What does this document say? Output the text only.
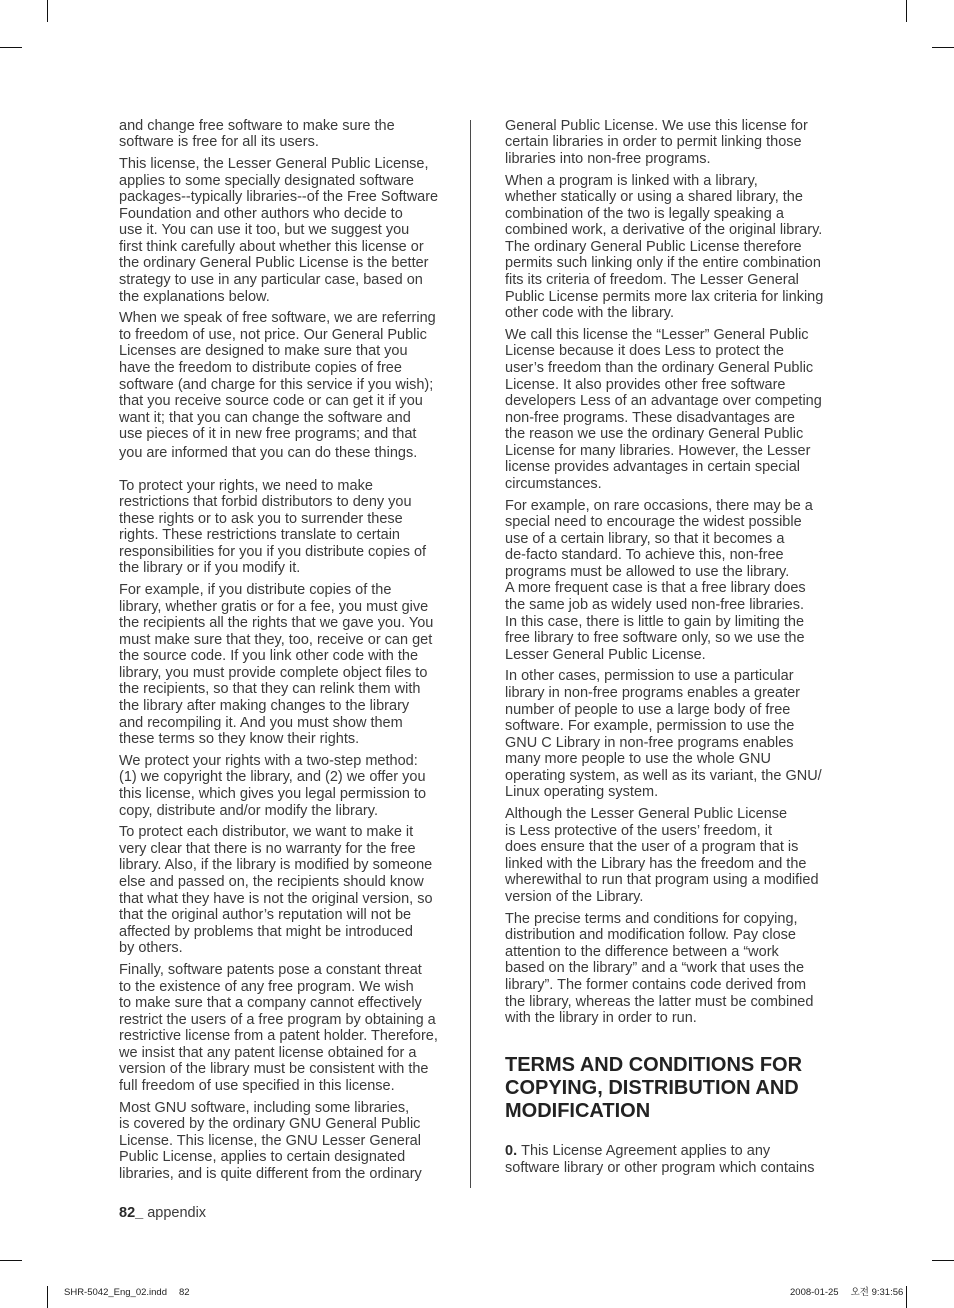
and change free software to make sure the
software is free for all its users.

This license, the Lesser General Public License,
applies to some specially designated software
packages--typically libraries--of the Free Software
Foundation and other authors who decide to
use it. You can use it too, but we suggest you
first think carefully about whether this license or
the ordinary General Public License is the better
strategy to use in any particular case, based on
the explanations below.

When we speak of free software, we are referring
to freedom of use, not price. Our General Public
Licenses are designed to make sure that you
have the freedom to distribute copies of free
software (and charge for this service if you wish);
that you receive source code or can get it if you
want it; that you can change the software and
use pieces of it in new free programs; and that
you are informed that you can do these things.

To protect your rights, we need to make
restrictions that forbid distributors to deny you
these rights or to ask you to surrender these
rights. These restrictions translate to certain
responsibilities for you if you distribute copies of
the library or if you modify it.

For example, if you distribute copies of the
library, whether gratis or for a fee, you must give
the recipients all the rights that we gave you. You
must make sure that they, too, receive or can get
the source code. If you link other code with the
library, you must provide complete object files to
the recipients, so that they can relink them with
the library after making changes to the library
and recompiling it. And you must show them
these terms so they know their rights.

We protect your rights with a two-step method:
(1) we copyright the library, and (2) we offer you
this license, which gives you legal permission to
copy, distribute and/or modify the library.

To protect each distributor, we want to make it
very clear that there is no warranty for the free
library. Also, if the library is modified by someone
else and passed on, the recipients should know
that what they have is not the original version, so
that the original author’s reputation will not be
affected by problems that might be introduced
by others.

Finally, software patents pose a constant threat
to the existence of any free program. We wish
to make sure that a company cannot effectively
restrict the users of a free program by obtaining a
restrictive license from a patent holder. Therefore,
we insist that any patent license obtained for a
version of the library must be consistent with the
full freedom of use specified in this license.

Most GNU software, including some libraries,
is covered by the ordinary GNU General Public
License. This license, the GNU Lesser General
Public License, applies to certain designated
libraries, and is quite different from the ordinary

General Public License. We use this license for
certain libraries in order to permit linking those
libraries into non-free programs.

When a program is linked with a library,
whether statically or using a shared library, the
combination of the two is legally speaking a
combined work, a derivative of the original library.
The ordinary General Public License therefore
permits such linking only if the entire combination
fits its criteria of freedom. The Lesser General
Public License permits more lax criteria for linking
other code with the library.

We call this license the “Lesser” General Public
License because it does Less to protect the
user’s freedom than the ordinary General Public
License. It also provides other free software
developers Less of an advantage over competing
non-free programs. These disadvantages are
the reason we use the ordinary General Public
License for many libraries. However, the Lesser
license provides advantages in certain special
circumstances.

For example, on rare occasions, there may be a
special need to encourage the widest possible
use of a certain library, so that it becomes a
de-facto standard. To achieve this, non-free
programs must be allowed to use the library.
A more frequent case is that a free library does
the same job as widely used non-free libraries.
In this case, there is little to gain by limiting the
free library to free software only, so we use the
Lesser General Public License.

In other cases, permission to use a particular
library in non-free programs enables a greater
number of people to use a large body of free
software. For example, permission to use the
GNU C Library in non-free programs enables
many more people to use the whole GNU
operating system, as well as its variant, the GNU/
Linux operating system.

Although the Lesser General Public License
is Less protective of the users’ freedom, it
does ensure that the user of a program that is
linked with the Library has the freedom and the
wherewithal to run that program using a modified
version of the Library.

The precise terms and conditions for copying,
distribution and modification follow. Pay close
attention to the difference between a “work
based on the library” and a “work that uses the
library”. The former contains code derived from
the library, whereas the latter must be combined
with the library in order to run.

TERMS AND CONDITIONS FOR
COPYING, DISTRIBUTION AND
MODIFICATION

0. This License Agreement applies to any
software library or other program which contains

82_ appendix
SHR-5042_Eng_02.indd 82	2008-01-25 오전 9:31:56
